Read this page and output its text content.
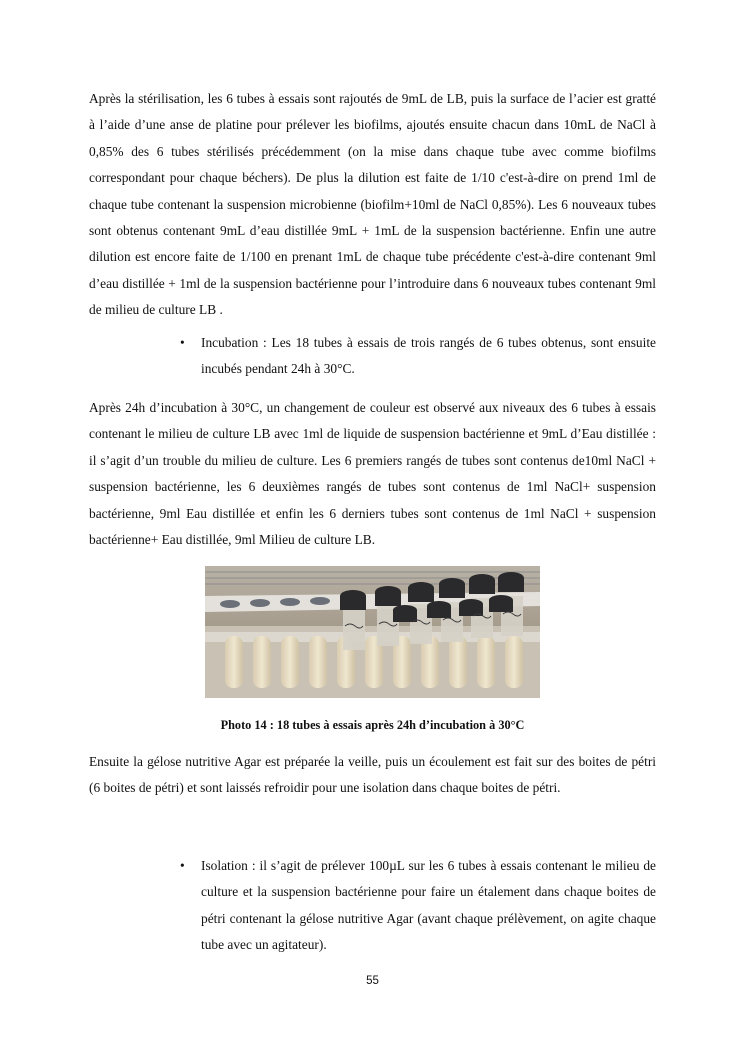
Après la stérilisation, les 6 tubes à essais sont rajoutés de 9mL de LB, puis la surface de l’acier est gratté à l’aide d’une anse de platine pour prélever les biofilms, ajoutés ensuite chacun dans 10mL de NaCl à 0,85% des 6 tubes stérilisés précédemment (on la mise dans chaque tube avec comme biofilms correspondant pour chaque béchers). De plus la dilution est faite de 1/10 c'est-à-dire on prend 1ml de chaque tube contenant la suspension microbienne (biofilm+10ml de NaCl 0,85%). Les 6 nouveaux tubes sont obtenus contenant 9mL d’eau distillée 9mL + 1mL de la suspension bactérienne. Enfin une autre dilution est encore faite de 1/100 en prenant 1mL de chaque tube précédente c'est-à-dire contenant 9ml d’eau distillée + 1ml de la suspension bactérienne pour l’introduire dans 6 nouveaux tubes contenant 9ml de milieu de culture LB .

• Incubation : Les 18 tubes à essais de trois rangés de 6 tubes obtenus, sont ensuite incubés pendant 24h à 30°C.

Après 24h d’incubation à 30°C, un changement de couleur est observé aux niveaux des 6 tubes à essais contenant le milieu de culture LB avec 1ml de liquide de suspension bactérienne et 9mL d’Eau distillée : il s’agit d’un trouble du milieu de culture. Les 6 premiers rangés de tubes sont contenus de10ml NaCl + suspension bactérienne, les 6 deuxièmes rangés de tubes sont contenus de 1ml NaCl+ suspension bactérienne, 9ml Eau distillée et enfin les 6 derniers tubes sont contenus de 1ml NaCl + suspension bactérienne+ Eau distillée, 9ml Milieu de culture LB.

Photo 14 : 18 tubes à essais après 24h d’incubation à 30°C

Ensuite la gélose nutritive Agar est préparée la veille, puis un écoulement est fait sur des boites de pétri (6 boites de pétri) et sont laissés refroidir pour une isolation dans chaque boites de pétri.

• Isolation : il s’agit de prélever 100µL sur les 6 tubes à essais contenant le milieu de culture et la suspension bactérienne pour faire un étalement dans chaque boites de pétri contenant la gélose nutritive Agar (avant chaque prélèvement, on agite chaque tube avec un agitateur).
55
